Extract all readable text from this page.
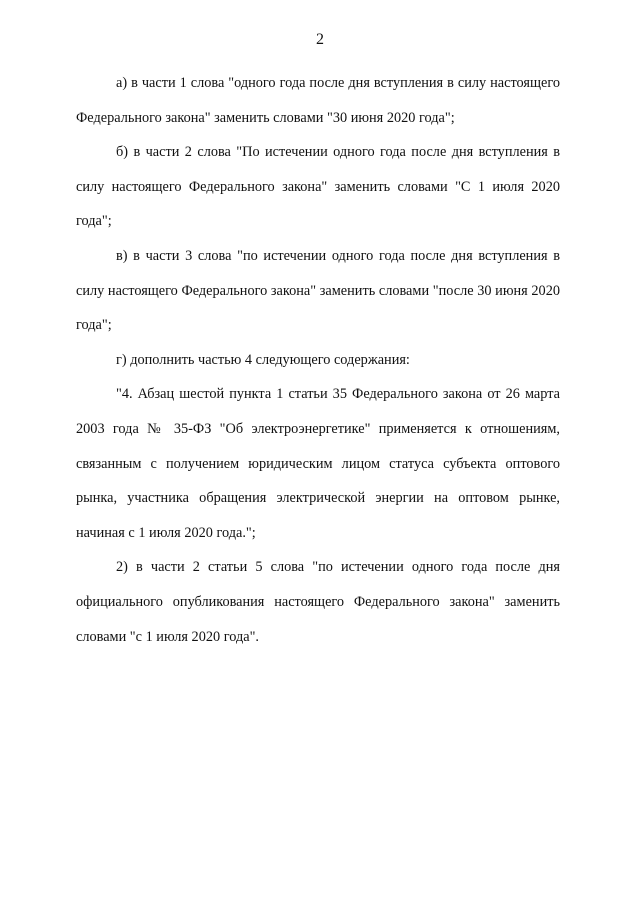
2

а) в части 1 слова "одного года после дня вступления в силу настоящего Федерального закона" заменить словами "30 июня 2020 года";

б) в части 2 слова "По истечении одного года после дня вступления в силу настоящего Федерального закона" заменить словами "С 1 июля 2020 года";

в) в части 3 слова "по истечении одного года после дня вступления в силу настоящего Федерального закона" заменить словами "после 30 июня 2020 года";

г) дополнить частью 4 следующего содержания:

"4. Абзац шестой пункта 1 статьи 35 Федерального закона от 26 марта 2003 года № 35-ФЗ "Об электроэнергетике" применяется к отношениям, связанным с получением юридическим лицом статуса субъекта оптового рынка, участника обращения электрической энергии на оптовом рынке, начиная с 1 июля 2020 года.";

2) в части 2 статьи 5 слова "по истечении одного года после дня официального опубликования настоящего Федерального закона" заменить словами "с 1 июля 2020 года".
